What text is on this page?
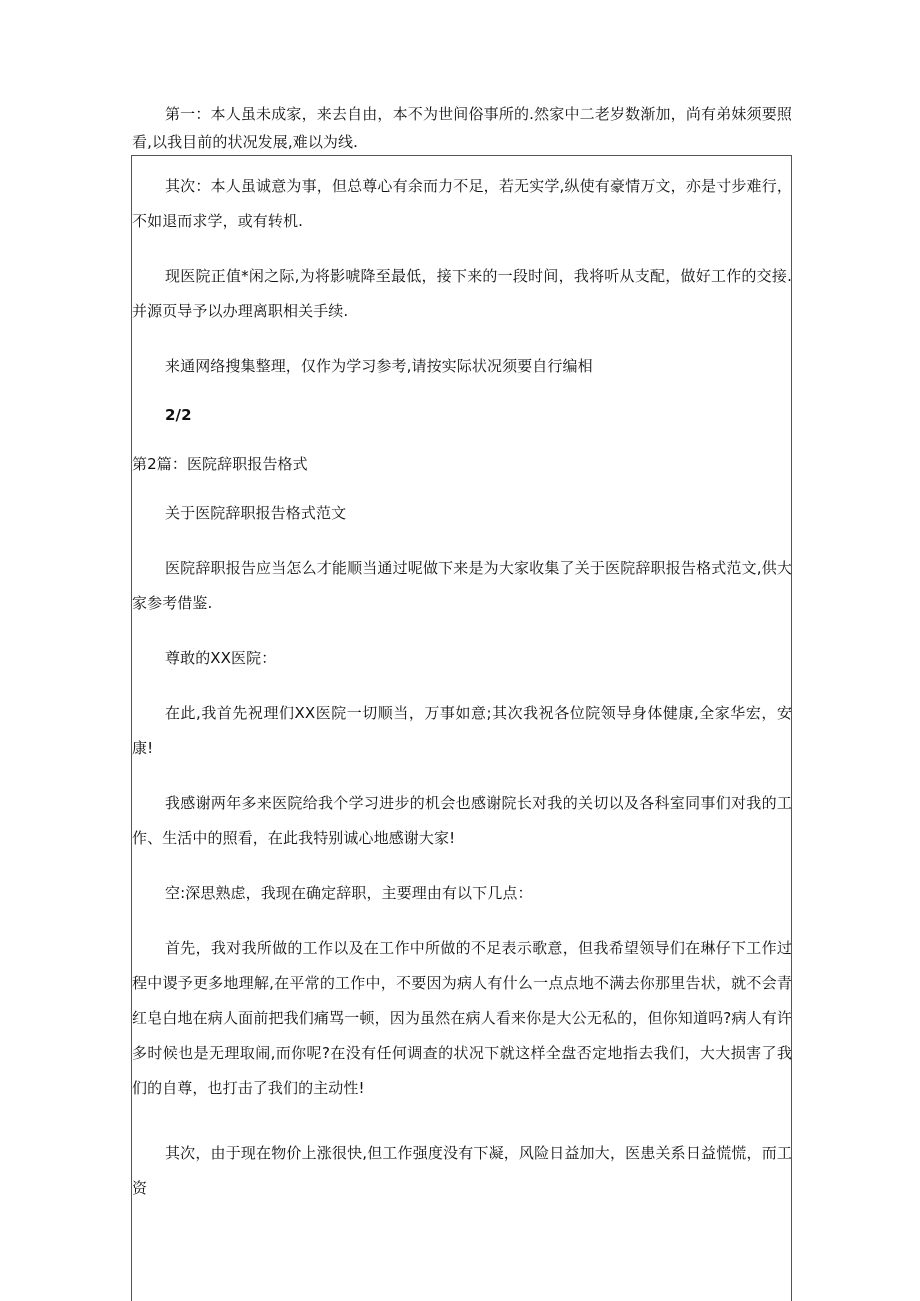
第一：本人虽未成家，来去自由，本不为世间俗事所的.然家中二老岁数渐加，尚有弟妹须要照看,以我目前的状况发展,难以为线.

其次：本人虽诚意为事，但总尊心有余而力不足，若无实学,纵使有豪情万文，亦是寸步难行，不如退而求学，或有转机.

现医院正值*闲之际,为将影唬降至最低，接下来的一段时间，我将听从支配，做好工作的交接.并源页导予以办理离职相关手续.

来通网络搜集整理，仅作为学习参考,请按实际状况须要自行编相

2/2

第2篇：医院辞职报告格式

关于医院辞职报告格式范文

医院辞职报告应当怎么才能顺当通过呢做下来是为大家收集了关于医院辞职报告格式范文,供大家参考借鉴.

尊敢的XX医院：

在此,我首先祝理们XX医院一切顺当，万事如意;其次我祝各位院领导身体健康,全家华宏，安康!

我感谢两年多来医院给我个学习进步的机会也感谢院长对我的关切以及各科室同事们对我的工作、生活中的照看，在此我特别诚心地感谢大家!

空:深思熟虑，我现在确定辞职，主要理由有以下几点：

首先，我对我所做的工作以及在工作中所做的不足表示歌意，但我希望领导们在琳仔下工作过程中谡予更多地理解,在平常的工作中，不要因为病人有什么一点点地不满去你那里告状，就不会青红皂白地在病人面前把我们痛骂一顿，因为虽然在病人看来你是大公无私的，但你知道吗?病人有许多时候也是无理取闹,而你呢?在没有任何调查的状况下就这样全盘否定地指去我们，大大损害了我们的自尊，也打击了我们的主动性!

其次，由于现在物价上涨很快,但工作强度没有下凝，风险日益加大，医患关系日益慌慌，而工资
